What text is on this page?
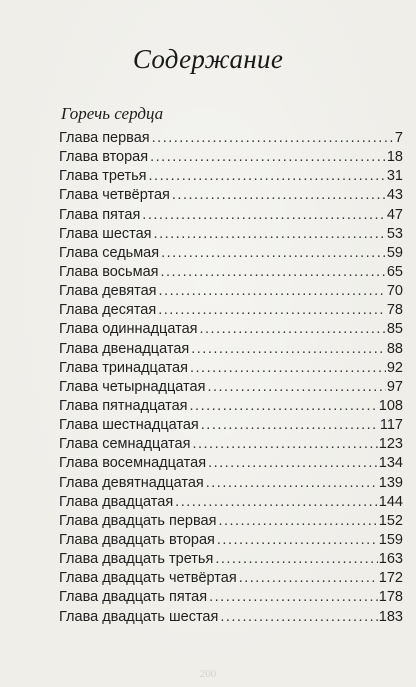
Содержание
Горечь сердца
Глава первая .....	7
Глава вторая .....	18
Глава третья .....	31
Глава четвёртая .....	43
Глава пятая .....	47
Глава шестая .....	53
Глава седьмая .....	59
Глава восьмая .....	65
Глава девятая .....	70
Глава десятая .....	78
Глава одиннадцатая .....	85
Глава двенадцатая .....	88
Глава тринадцатая .....	92
Глава четырнадцатая .....	97
Глава пятнадцатая .....	108
Глава шестнадцатая .....	117
Глава семнадцатая .....	123
Глава восемнадцатая .....	134
Глава девятнадцатая .....	139
Глава двадцатая .....	144
Глава двадцать первая .....	152
Глава двадцать вторая .....	159
Глава двадцать третья .....	163
Глава двадцать четвёртая .....	172
Глава двадцать пятая .....	178
Глава двадцать шестая .....	183
200
